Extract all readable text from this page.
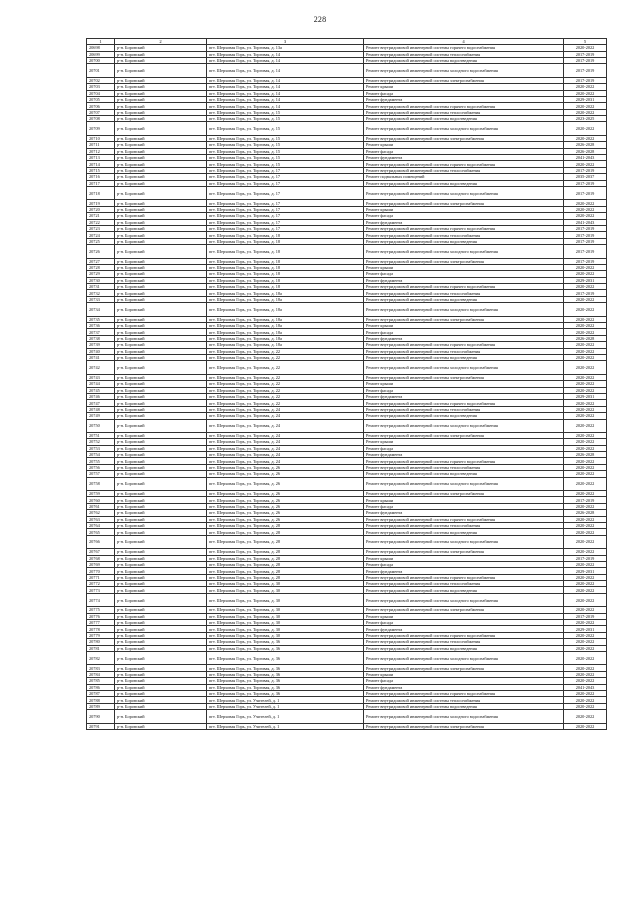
228
1	2	3	4	5
20698	р-н. Боровский	пгт. Шерховая Горь, ул. Торговая, д. 13а	Ремонт внутридомовой инженерной системы горячего водоснабжения	2020-2022
20699	р-н. Боровский	пгт. Шерховая Горь, ул. Торговая, д. 14	Ремонт внутридомовой инженерной системы теплоснабжения	2017-2019
20700	р-н. Боровский	пгт. Шерховая Горь, ул. Торговая, д. 14	Ремонт внутридомовой инженерной системы водоотведения	2017-2019
20701	р-н. Боровский	пгт. Шерховая Горь, ул. Торговая, д. 14	Ремонт внутридомовой инженерной системы холодного водоснабжения	2017-2019
20702	р-н. Боровский	пгт. Шерховая Горь, ул. Торговая, д. 14	Ремонт внутридомовой инженерной системы электроснабжения	2017-2019
20703	р-н. Боровский	пгт. Шерховая Горь, ул. Торговая, д. 14	Ремонт крыши	2020-2022
20704	р-н. Боровский	пгт. Шерховая Горь, ул. Торговая, д. 14	Ремонт фасада	2020-2022
20705	р-н. Боровский	пгт. Шерховая Горь, ул. Торговая, д. 14	Ремонт фундамента	2029-2031
20706	р-н. Боровский	пгт. Шерховая Горь, ул. Торговая, д. 14	Ремонт внутридомовой инженерной системы горячего водоснабжения	2020-2022
20707	р-н. Боровский	пгт. Шерховая Горь, ул. Торговая, д. 15	Ремонт внутридомовой инженерной системы теплоснабжения	2020-2022
20708	р-н. Боровский	пгт. Шерховая Горь, ул. Торговая, д. 15	Ремонт внутридомовой инженерной системы водоотведения	2023-2025
20709	р-н. Боровский	пгт. Шерховая Горь, ул. Торговая, д. 15	Ремонт внутридомовой инженерной системы холодного водоснабжения	2020-2022
20710	р-н. Боровский	пгт. Шерховая Горь, ул. Торговая, д. 15	Ремонт внутридомовой инженерной системы электроснабжения	2020-2022
20711	р-н. Боровский	пгт. Шерховая Горь, ул. Торговая, д. 15	Ремонт крыши	2026-2028
20712	р-н. Боровский	пгт. Шерховая Горь, ул. Торговая, д. 15	Ремонт фасада	2026-2028
20713	р-н. Боровский	пгт. Шерховая Горь, ул. Торговая, д. 15	Ремонт фундамента	2041-2043
20714	р-н. Боровский	пгт. Шерховая Горь, ул. Торговая, д. 15	Ремонт внутридомовой инженерной системы горячего водоснабжения	2020-2022
20715	р-н. Боровский	пгт. Шерховая Горь, ул. Торговая, д. 17	Ремонт внутридомовой инженерной системы теплоснабжения	2017-2019
20716	р-н. Боровский	пгт. Шерховая Горь, ул. Торговая, д. 17	Ремонт подвальных помещений	2035-2037
20717	р-н. Боровский	пгт. Шерховая Горь, ул. Торговая, д. 17	Ремонт внутридомовой инженерной системы водоотведения	2017-2019
20718	р-н. Боровский	пгт. Шерховая Горь, ул. Торговая, д. 17	Ремонт внутридомовой инженерной системы холодного водоснабжения	2017-2019
20719	р-н. Боровский	пгт. Шерховая Горь, ул. Торговая, д. 17	Ремонт внутридомовой инженерной системы электроснабжения	2020-2022
20720	р-н. Боровский	пгт. Шерховая Горь, ул. Торговая, д. 17	Ремонт крыши	2020-2022
20721	р-н. Боровский	пгт. Шерховая Горь, ул. Торговая, д. 17	Ремонт фасада	2020-2022
20722	р-н. Боровский	пгт. Шерховая Горь, ул. Торговая, д. 17	Ремонт фундамента	2041-2043
20723	р-н. Боровский	пгт. Шерховая Горь, ул. Торговая, д. 17	Ремонт внутридомовой инженерной системы горячего водоснабжения	2017-2019
20724	р-н. Боровский	пгт. Шерховая Горь, ул. Торговая, д. 18	Ремонт внутридомовой инженерной системы теплоснабжения	2017-2019
20725	р-н. Боровский	пгт. Шерховая Горь, ул. Торговая, д. 18	Ремонт внутридомовой инженерной системы водоотведения	2017-2019
20726	р-н. Боровский	пгт. Шерховая Горь, ул. Торговая, д. 18	Ремонт внутридомовой инженерной системы холодного водоснабжения	2017-2019
20727	р-н. Боровский	пгт. Шерховая Горь, ул. Торговая, д. 18	Ремонт внутридомовой инженерной системы электроснабжения	2017-2019
20728	р-н. Боровский	пгт. Шерховая Горь, ул. Торговая, д. 18	Ремонт крыши	2020-2022
20729	р-н. Боровский	пгт. Шерховая Горь, ул. Торговая, д. 18	Ремонт фасада	2020-2022
20730	р-н. Боровский	пгт. Шерховая Горь, ул. Торговая, д. 18	Ремонт фундамента	2029-2031
20731	р-н. Боровский	пгт. Шерховая Горь, ул. Торговая, д. 18	Ремонт внутридомовой инженерной системы горячего водоснабжения	2020-2022
20732	р-н. Боровский	пгт. Шерховая Горь, ул. Торговая, д. 18а	Ремонт внутридомовой инженерной системы теплоснабжения	2017-2019
20733	р-н. Боровский	пгт. Шерховая Горь, ул. Торговая, д. 18а	Ремонт внутридомовой инженерной системы водоотведения	2020-2022
20734	р-н. Боровский	пгт. Шерховая Горь, ул. Торговая, д. 18а	Ремонт внутридомовой инженерной системы холодного водоснабжения	2020-2022
20735	р-н. Боровский	пгт. Шерховая Горь, ул. Торговая, д. 18а	Ремонт внутридомовой инженерной системы электроснабжения	2020-2022
20736	р-н. Боровский	пгт. Шерховая Горь, ул. Торговая, д. 18а	Ремонт крыши	2020-2022
20737	р-н. Боровский	пгт. Шерховая Горь, ул. Торговая, д. 18а	Ремонт фасада	2020-2022
20738	р-н. Боровский	пгт. Шерховая Горь, ул. Торговая, д. 18а	Ремонт фундамента	2026-2028
20739	р-н. Боровский	пгт. Шерховая Горь, ул. Торговая, д. 18а	Ремонт внутридомовой инженерной системы горячего водоснабжения	2020-2022
20740	р-н. Боровский	пгт. Шерховая Горь, ул. Торговая, д. 22	Ремонт внутридомовой инженерной системы теплоснабжения	2020-2022
20741	р-н. Боровский	пгт. Шерховая Горь, ул. Торговая, д. 22	Ремонт внутридомовой инженерной системы водоотведения	2020-2022
20742	р-н. Боровский	пгт. Шерховая Горь, ул. Торговая, д. 22	Ремонт внутридомовой инженерной системы холодного водоснабжения	2020-2022
20743	р-н. Боровский	пгт. Шерховая Горь, ул. Торговая, д. 22	Ремонт внутридомовой инженерной системы электроснабжения	2020-2022
20744	р-н. Боровский	пгт. Шерховая Горь, ул. Торговая, д. 22	Ремонт крыши	2020-2022
20745	р-н. Боровский	пгт. Шерховая Горь, ул. Торговая, д. 22	Ремонт фасада	2020-2022
20746	р-н. Боровский	пгт. Шерховая Горь, ул. Торговая, д. 22	Ремонт фундамента	2029-2031
20747	р-н. Боровский	пгт. Шерховая Горь, ул. Торговая, д. 22	Ремонт внутридомовой инженерной системы горячего водоснабжения	2020-2022
20748	р-н. Боровский	пгт. Шерховая Горь, ул. Торговая, д. 24	Ремонт внутридомовой инженерной системы теплоснабжения	2020-2022
20749	р-н. Боровский	пгт. Шерховая Горь, ул. Торговая, д. 24	Ремонт внутридомовой инженерной системы водоотведения	2020-2022
20750	р-н. Боровский	пгт. Шерховая Горь, ул. Торговая, д. 24	Ремонт внутридомовой инженерной системы холодного водоснабжения	2020-2022
20751	р-н. Боровский	пгт. Шерховая Горь, ул. Торговая, д. 24	Ремонт внутридомовой инженерной системы электроснабжения	2020-2022
20752	р-н. Боровский	пгт. Шерховая Горь, ул. Торговая, д. 24	Ремонт крыши	2020-2022
20753	р-н. Боровский	пгт. Шерховая Горь, ул. Торговая, д. 24	Ремонт фасада	2020-2022
20754	р-н. Боровский	пгт. Шерховая Горь, ул. Торговая, д. 24	Ремонт фундамента	2026-2028
20755	р-н. Боровский	пгт. Шерховая Горь, ул. Торговая, д. 24	Ремонт внутридомовой инженерной системы горячего водоснабжения	2020-2022
20756	р-н. Боровский	пгт. Шерховая Горь, ул. Торговая, д. 26	Ремонт внутридомовой инженерной системы теплоснабжения	2020-2022
20757	р-н. Боровский	пгт. Шерховая Горь, ул. Торговая, д. 26	Ремонт внутридомовой инженерной системы водоотведения	2020-2022
20758	р-н. Боровский	пгт. Шерховая Горь, ул. Торговая, д. 26	Ремонт внутридомовой инженерной системы холодного водоснабжения	2020-2022
20759	р-н. Боровский	пгт. Шерховая Горь, ул. Торговая, д. 26	Ремонт внутридомовой инженерной системы электроснабжения	2020-2022
20760	р-н. Боровский	пгт. Шерховая Горь, ул. Торговая, д. 26	Ремонт крыши	2017-2019
20761	р-н. Боровский	пгт. Шерховая Горь, ул. Торговая, д. 26	Ремонт фасада	2020-2022
20762	р-н. Боровский	пгт. Шерховая Горь, ул. Торговая, д. 26	Ремонт фундамента	2026-2028
20763	р-н. Боровский	пгт. Шерховая Горь, ул. Торговая, д. 26	Ремонт внутридомовой инженерной системы горячего водоснабжения	2020-2022
20764	р-н. Боровский	пгт. Шерховая Горь, ул. Торговая, д. 28	Ремонт внутридомовой инженерной системы теплоснабжения	2020-2022
20765	р-н. Боровский	пгт. Шерховая Горь, ул. Торговая, д. 28	Ремонт внутридомовой инженерной системы водоотведения	2020-2022
20766	р-н. Боровский	пгт. Шерховая Горь, ул. Торговая, д. 28	Ремонт внутридомовой инженерной системы холодного водоснабжения	2020-2022
20767	р-н. Боровский	пгт. Шерховая Горь, ул. Торговая, д. 28	Ремонт внутридомовой инженерной системы электроснабжения	2020-2022
20768	р-н. Боровский	пгт. Шерховая Горь, ул. Торговая, д. 28	Ремонт крыши	2017-2019
20769	р-н. Боровский	пгт. Шерховая Горь, ул. Торговая, д. 28	Ремонт фасада	2020-2022
20770	р-н. Боровский	пгт. Шерховая Горь, ул. Торговая, д. 28	Ремонт фундамента	2029-2031
20771	р-н. Боровский	пгт. Шерховая Горь, ул. Торговая, д. 28	Ремонт внутридомовой инженерной системы горячего водоснабжения	2020-2022
20772	р-н. Боровский	пгт. Шерховая Горь, ул. Торговая, д. 30	Ремонт внутридомовой инженерной системы теплоснабжения	2020-2022
20773	р-н. Боровский	пгт. Шерховая Горь, ул. Торговая, д. 30	Ремонт внутридомовой инженерной системы водоотведения	2020-2022
20774	р-н. Боровский	пгт. Шерховая Горь, ул. Торговая, д. 30	Ремонт внутридомовой инженерной системы холодного водоснабжения	2020-2022
20775	р-н. Боровский	пгт. Шерховая Горь, ул. Торговая, д. 30	Ремонт внутридомовой инженерной системы электроснабжения	2020-2022
20776	р-н. Боровский	пгт. Шерховая Горь, ул. Торговая, д. 30	Ремонт крыши	2017-2019
20777	р-н. Боровский	пгт. Шерховая Горь, ул. Торговая, д. 30	Ремонт фасада	2020-2022
20778	р-н. Боровский	пгт. Шерховая Горь, ул. Торговая, д. 30	Ремонт фундамента	2029-2031
20779	р-н. Боровский	пгт. Шерховая Горь, ул. Торговая, д. 30	Ремонт внутридомовой инженерной системы горячего водоснабжения	2020-2022
20780	р-н. Боровский	пгт. Шерховая Горь, ул. Торговая, д. 36	Ремонт внутридомовой инженерной системы теплоснабжения	2020-2022
20781	р-н. Боровский	пгт. Шерховая Горь, ул. Торговая, д. 36	Ремонт внутридомовой инженерной системы водоотведения	2020-2022
20782	р-н. Боровский	пгт. Шерховая Горь, ул. Торговая, д. 36	Ремонт внутридомовой инженерной системы холодного водоснабжения	2020-2022
20783	р-н. Боровский	пгт. Шерховая Горь, ул. Торговая, д. 36	Ремонт внутридомовой инженерной системы электроснабжения	2020-2022
20784	р-н. Боровский	пгт. Шерховая Горь, ул. Торговая, д. 36	Ремонт крыши	2020-2022
20785	р-н. Боровский	пгт. Шерховая Горь, ул. Торговая, д. 36	Ремонт фасада	2020-2022
20786	р-н. Боровский	пгт. Шерховая Горь, ул. Торговая, д. 36	Ремонт фундамента	2041-2043
20787	р-н. Боровский	пгт. Шерховая Горь, ул. Торговая, д. 36	Ремонт внутридомовой инженерной системы горячего водоснабжения	2020-2022
20788	р-н. Боровский	пгт. Шерховая Горь, ул. Учителей, д. 1	Ремонт внутридомовой инженерной системы теплоснабжения	2020-2022
20789	р-н. Боровский	пгт. Шерховая Горь, ул. Учителей, д. 1	Ремонт внутридомовой инженерной системы водоотведения	2020-2022
20790	р-н. Боровский	пгт. Шерховая Горь, ул. Учителей, д. 1	Ремонт внутридомовой инженерной системы холодного водоснабжения	2020-2022
20791	р-н. Боровский	пгт. Шерховая Горь, ул. Учителей, д. 1	Ремонт внутридомовой инженерной системы электроснабжения	2020-2022
